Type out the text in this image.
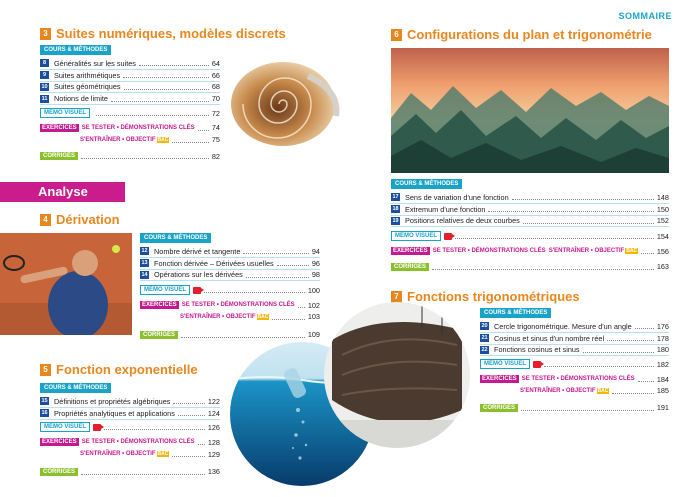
SOMMAIRE
3 Suites numériques, modèles discrets
COURS & MÉTHODES
8	Généralités sur les suites	64
9	Suites arithmétiques	66
10 Suites géométriques	68
11 Notions de limite	70
MÉMO VISUEL	72
EXERCICES SE TESTER • DÉMONSTRATIONS CLÉS 74
S'ENTRAÎNER • OBJECTIF BAC	75
CORRIGÉS	82
Analyse
4 Dérivation
COURS & MÉTHODES
12 Nombre dérivé et tangente	94
13 Fonction dérivée – Dérivées usuelles	96
14 Opérations sur les dérivées	98
MÉMO VISUEL	100
EXERCICES SE TESTER • DÉMONSTRATIONS CLÉS 102
S'ENTRAÎNER • OBJECTIF BAC	103
CORRIGÉS	109
5 Fonction exponentielle
COURS & MÉTHODES
15 Définitions et propriétés algébriques	122
16 Propriétés analytiques et applications	124
MÉMO VISUEL	126
EXERCICES SE TESTER • DÉMONSTRATIONS CLÉS 128
S'ENTRAÎNER • OBJECTIF BAC	129
CORRIGÉS	136
6 Configurations du plan et trigonométrie
COURS & MÉTHODES
17 Sens de variation d'une fonction	148
18 Extremum d'une fonction	150
19 Positions relatives de deux courbes	152
MÉMO VISUEL	154
EXERCICES SE TESTER • DÉMONSTRATIONS CLÉS S'ENTRAÎNER • OBJECTIF BAC	156
CORRIGÉS	163
7 Fonctions trigonométriques
COURS & MÉTHODES
20 Cercle trigonométrique. Mesure d'un angle	176
21 Cosinus et sinus d'un nombre réel	178
22 Fonctions cosinus et sinus	180
MÉMO VISUEL	182
EXERCICES SE TESTER • DÉMONSTRATIONS CLÉS	184
S'ENTRAÎNER • OBJECTIF BAC	185
CORRIGÉS	191
